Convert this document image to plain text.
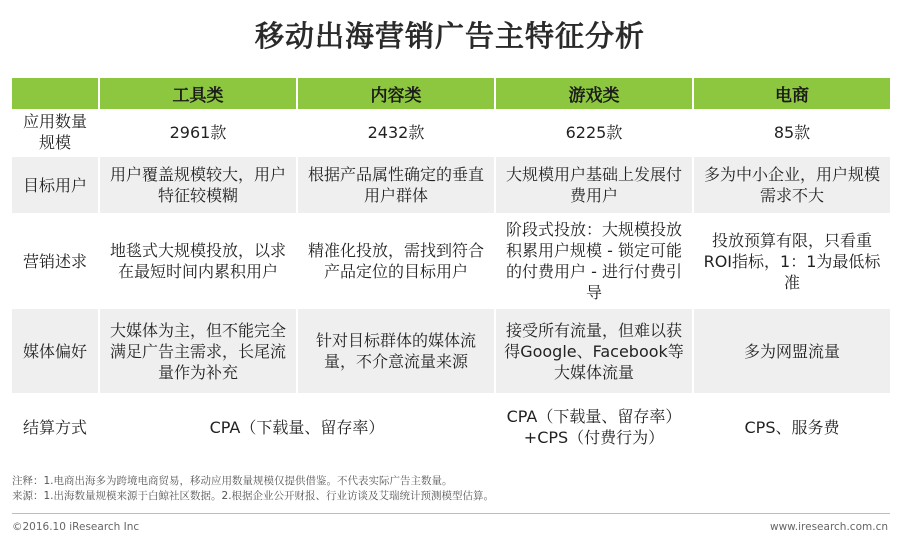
移动出海营销广告主特征分析
	工具类	内容类	游戏类	电商
应用数量规模	2961款	2432款	6225款	85款
目标用户	用户覆盖规模较大，用户特征较模糊	根据产品属性确定的垂直用户群体	大规模用户基础上发展付费用户	多为中小企业，用户规模需求不大
营销述求	地毯式大规模投放，以求在最短时间内累积用户	精准化投放，需找到符合产品定位的目标用户	阶段式投放：大规模投放积累用户规模 - 锁定可能的付费用户 - 进行付费引导	投放预算有限，只看重ROI指标，1：1为最低标准
媒体偏好	大媒体为主，但不能完全满足广告主需求，长尾流量作为补充	针对目标群体的媒体流量，不介意流量来源	接受所有流量，但难以获得Google、Facebook等大媒体流量	多为网盟流量
结算方式	CPA（下载量、留存率）		CPA（下载量、留存率）+CPS（付费行为）	CPS、服务费
注释：1.电商出海多为跨境电商贸易，移动应用数量规模仅提供借鉴。不代表实际广告主数量。
来源：1.出海数量规模来源于白鲸社区数据。2.根据企业公开财报、行业访谈及艾瑞统计预测模型估算。
©2016.10 iResearch Inc	www.iresearch.com.cn
